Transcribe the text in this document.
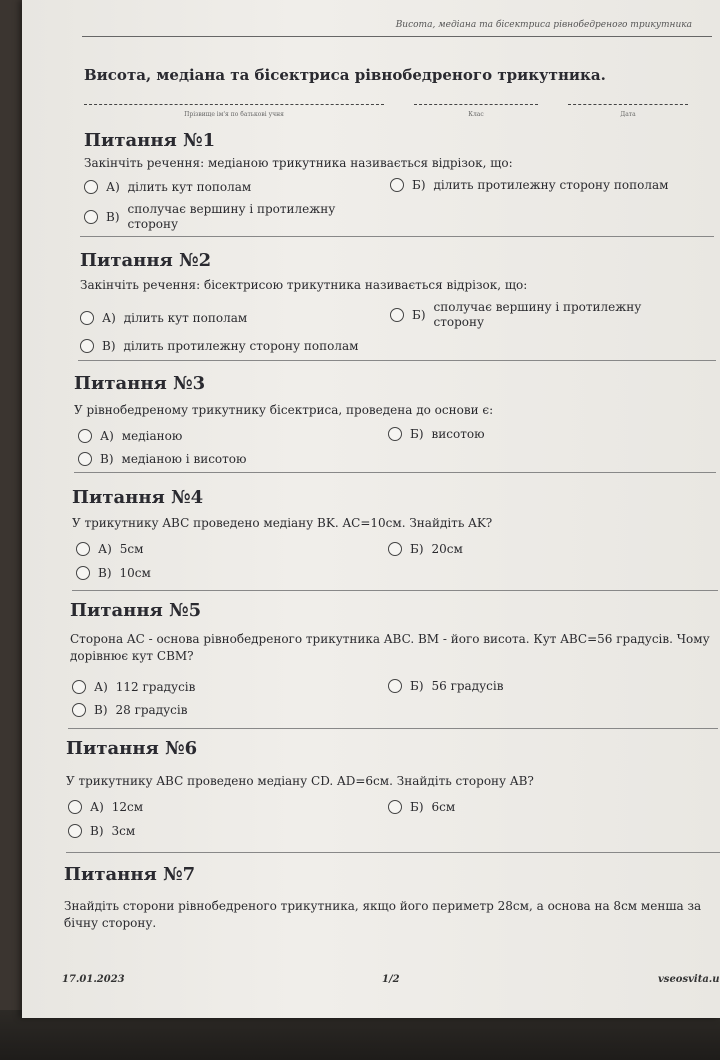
Висота, медіана та бісектриса рівнобедреного трикутника
Висота, медіана та бісектриса рівнобедреного трикутника.
Прізвище ім'я по батькові учня	Клас	Дата
Питання №1
Закінчіть речення: медіаною трикутника називається відрізок, що:
А) ділить кут пополам	Б) ділить протилежну сторону пополам
В)
сполучає вершину і протилежну сторону
Питання №2
Закінчіть речення: бісектрисою трикутника називається відрізок, що:
А) ділить кут пополам	Б)
сполучає вершину і протилежну сторону
В) ділить протилежну сторону пополам
Питання №3
У рівнобедреному трикутнику бісектриса, проведена до основи є:
А) медіаною	Б) висотою
В) медіаною і висотою
Питання №4
У трикутнику ABC проведено медіану BK. AC=10см. Знайдіть AK?
А) 5см	Б) 20см
В) 10см
Питання №5
Сторона AC - основа рівнобедреного трикутника ABC. BM - його висота. Кут ABC=56 градусів. Чому дорівнює кут CBM?
А) 112 градусів	Б) 56 градусів
В) 28 градусів
Питання №6
У трикутнику ABC проведено медіану CD. AD=6см. Знайдіть сторону AB?
А) 12см	Б) 6см
В) 3см
Питання №7
Знайдіть сторони рівнобедреного трикутника, якщо його периметр 28см, а основа на 8см менша за бічну сторону.
17.01.2023	1/2	vseosvita.u
